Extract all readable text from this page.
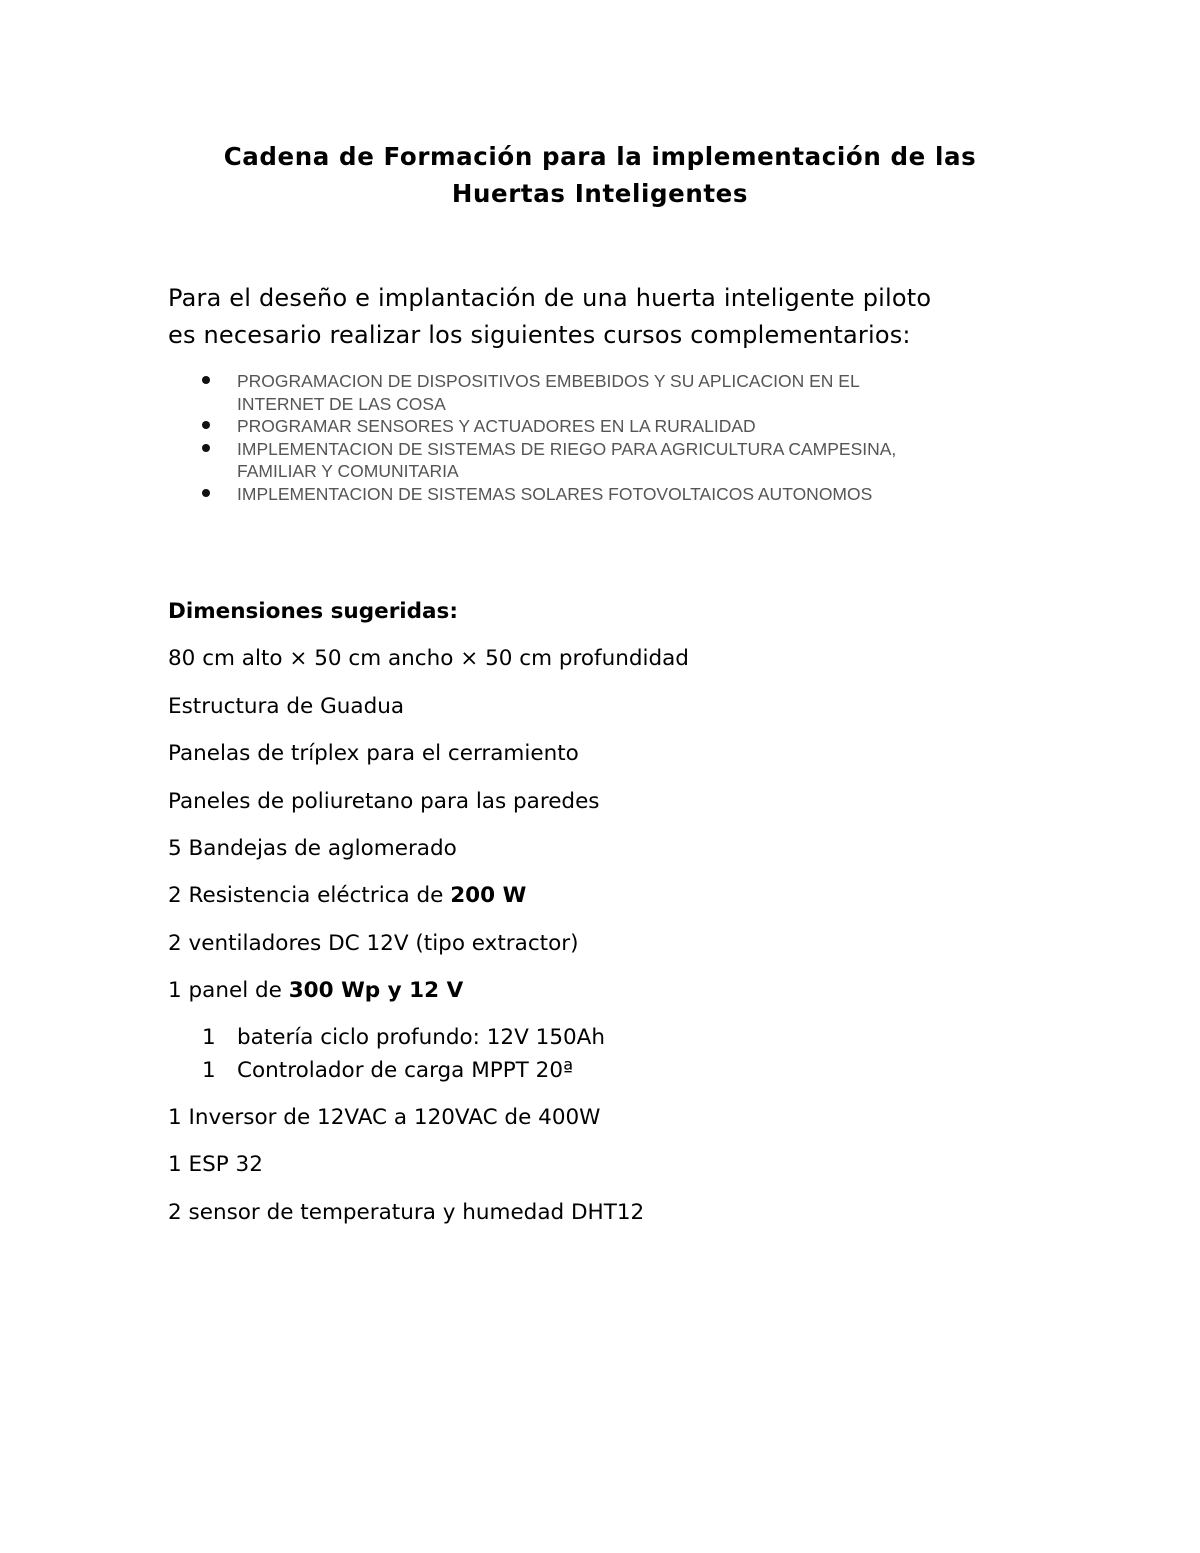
Cadena de Formación para la implementación de las
Huertas Inteligentes

Para el deseño e implantación de una huerta inteligente piloto
es necesario realizar los siguientes cursos complementarios:

PROGRAMACION DE DISPOSITIVOS EMBEBIDOS Y SU APLICACION EN EL
INTERNET DE LAS COSA
PROGRAMAR SENSORES Y ACTUADORES EN LA RURALIDAD
IMPLEMENTACION DE SISTEMAS DE RIEGO PARA AGRICULTURA CAMPESINA,
FAMILIAR Y COMUNITARIA
IMPLEMENTACION DE SISTEMAS SOLARES FOTOVOLTAICOS AUTONOMOS
Dimensiones sugeridas:
80 cm alto × 50 cm ancho × 50 cm profundidad
Estructura de Guadua
Panelas de tríplex para el cerramiento
Paneles de poliuretano para las paredes
5 Bandejas de aglomerado
2 Resistencia eléctrica de 200 W
2 ventiladores DC 12V (tipo extractor)
1 panel de 300 Wp y 12 V
1 batería ciclo profundo: 12V 150Ah
1 Controlador de carga MPPT 20ª
1 Inversor de 12VAC a 120VAC de 400W
1 ESP 32
2 sensor de temperatura y humedad DHT12
